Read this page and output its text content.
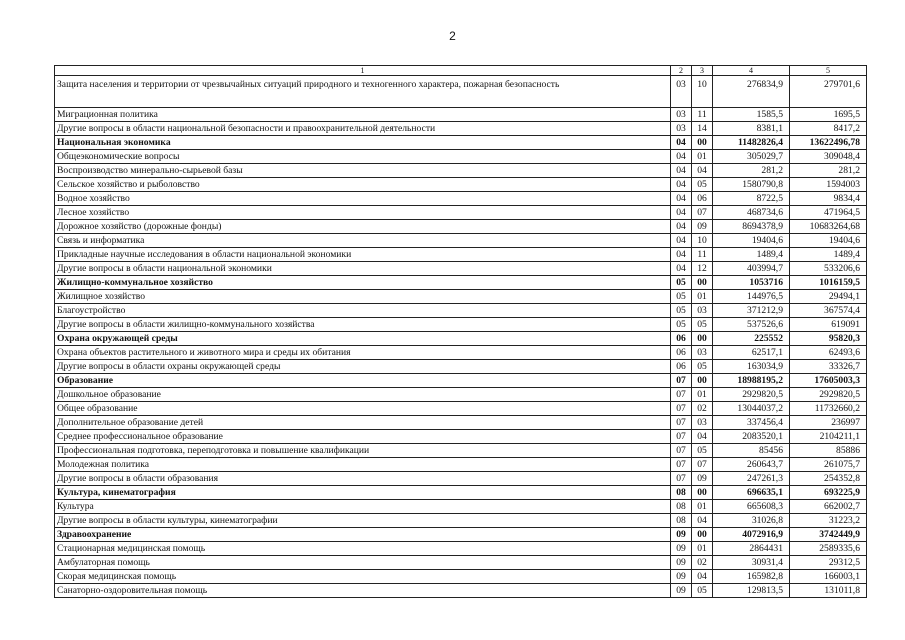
2
1	2	3	4	5
Защита населения и территории от чрезвычайных ситуаций природного и техногенного характера, пожарная безопасность	03	10	276834,9	279701,6
Миграционная политика	03	11	1585,5	1695,5
Другие вопросы в области национальной безопасности и правоохранительной деятельности	03	14	8381,1	8417,2
Национальная экономика	04	00	11482826,4	13622496,78
Общеэкономические вопросы	04	01	305029,7	309048,4
Воспроизводство минерально-сырьевой базы	04	04	281,2	281,2
Сельское хозяйство и рыболовство	04	05	1580790,8	1594003
Водное хозяйство	04	06	8722,5	9834,4
Лесное хозяйство	04	07	468734,6	471964,5
Дорожное хозяйство (дорожные фонды)	04	09	8694378,9	10683264,68
Связь и информатика	04	10	19404,6	19404,6
Прикладные научные исследования в области национальной экономики	04	11	1489,4	1489,4
Другие вопросы в области национальной экономики	04	12	403994,7	533206,6
Жилищно-коммунальное хозяйство	05	00	1053716	1016159,5
Жилищное хозяйство	05	01	144976,5	29494,1
Благоустройство	05	03	371212,9	367574,4
Другие вопросы в области жилищно-коммунального хозяйства	05	05	537526,6	619091
Охрана окружающей среды	06	00	225552	95820,3
Охрана объектов растительного и животного мира и среды их обитания	06	03	62517,1	62493,6
Другие вопросы в области охраны окружающей среды	06	05	163034,9	33326,7
Образование	07	00	18988195,2	17605003,3
Дошкольное образование	07	01	2929820,5	2929820,5
Общее образование	07	02	13044037,2	11732660,2
Дополнительное образование детей	07	03	337456,4	236997
Среднее профессиональное образование	07	04	2083520,1	2104211,1
Профессиональная подготовка, переподготовка и повышение квалификации	07	05	85456	85886
Молодежная политика	07	07	260643,7	261075,7
Другие вопросы в области образования	07	09	247261,3	254352,8
Культура, кинематография	08	00	696635,1	693225,9
Культура	08	01	665608,3	662002,7
Другие вопросы в области культуры, кинематографии	08	04	31026,8	31223,2
Здравоохранение	09	00	4072916,9	3742449,9
Стационарная медицинская помощь	09	01	2864431	2589335,6
Амбулаторная помощь	09	02	30931,4	29312,5
Скорая медицинская помощь	09	04	165982,8	166003,1
Санаторно-оздоровительная помощь	09	05	129813,5	131011,8
